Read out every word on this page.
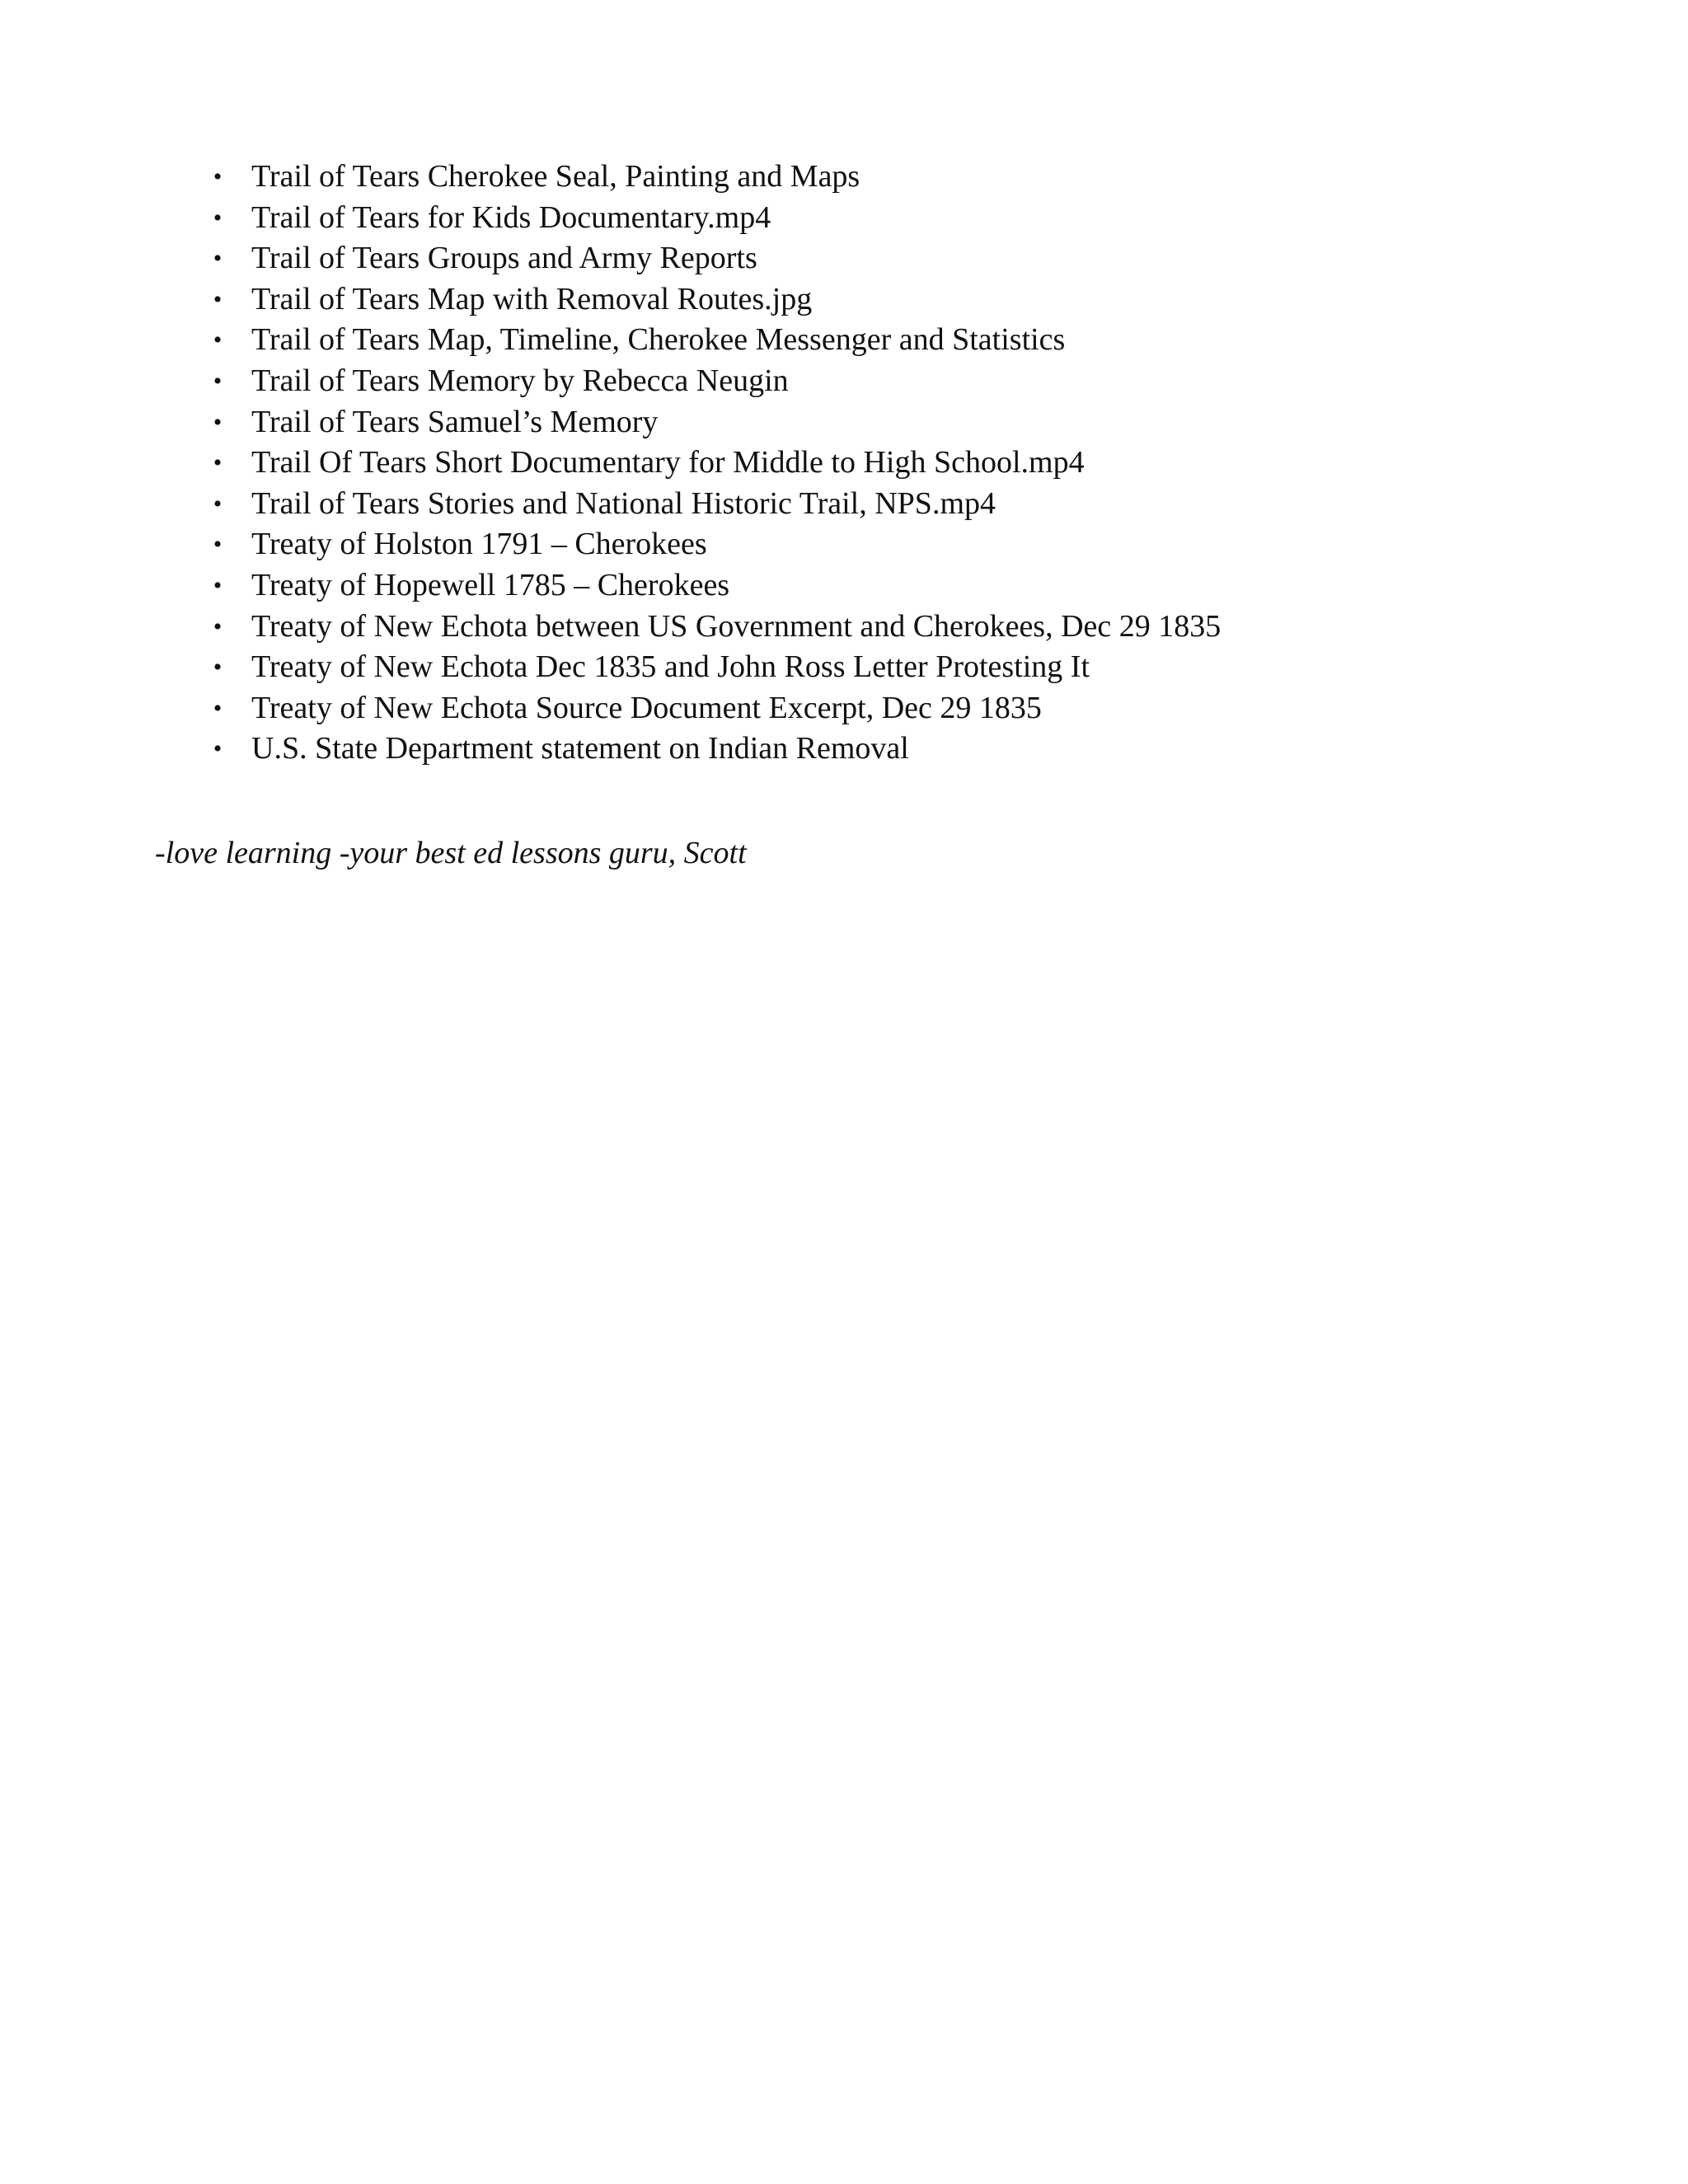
• Trail of Tears Cherokee Seal, Painting and Maps
• Trail of Tears for Kids Documentary.mp4
• Trail of Tears Groups and Army Reports
• Trail of Tears Map with Removal Routes.jpg
• Trail of Tears Map, Timeline, Cherokee Messenger and Statistics
• Trail of Tears Memory by Rebecca Neugin
• Trail of Tears Samuel’s Memory
• Trail Of Tears Short Documentary for Middle to High School.mp4
• Trail of Tears Stories and National Historic Trail, NPS.mp4
• Treaty of Holston 1791 – Cherokees
• Treaty of Hopewell 1785 – Cherokees
• Treaty of New Echota between US Government and Cherokees, Dec 29 1835
• Treaty of New Echota Dec 1835 and John Ross Letter Protesting It
• Treaty of New Echota Source Document Excerpt, Dec 29 1835
• U.S. State Department statement on Indian Removal
-love learning -your best ed lessons guru, Scott
